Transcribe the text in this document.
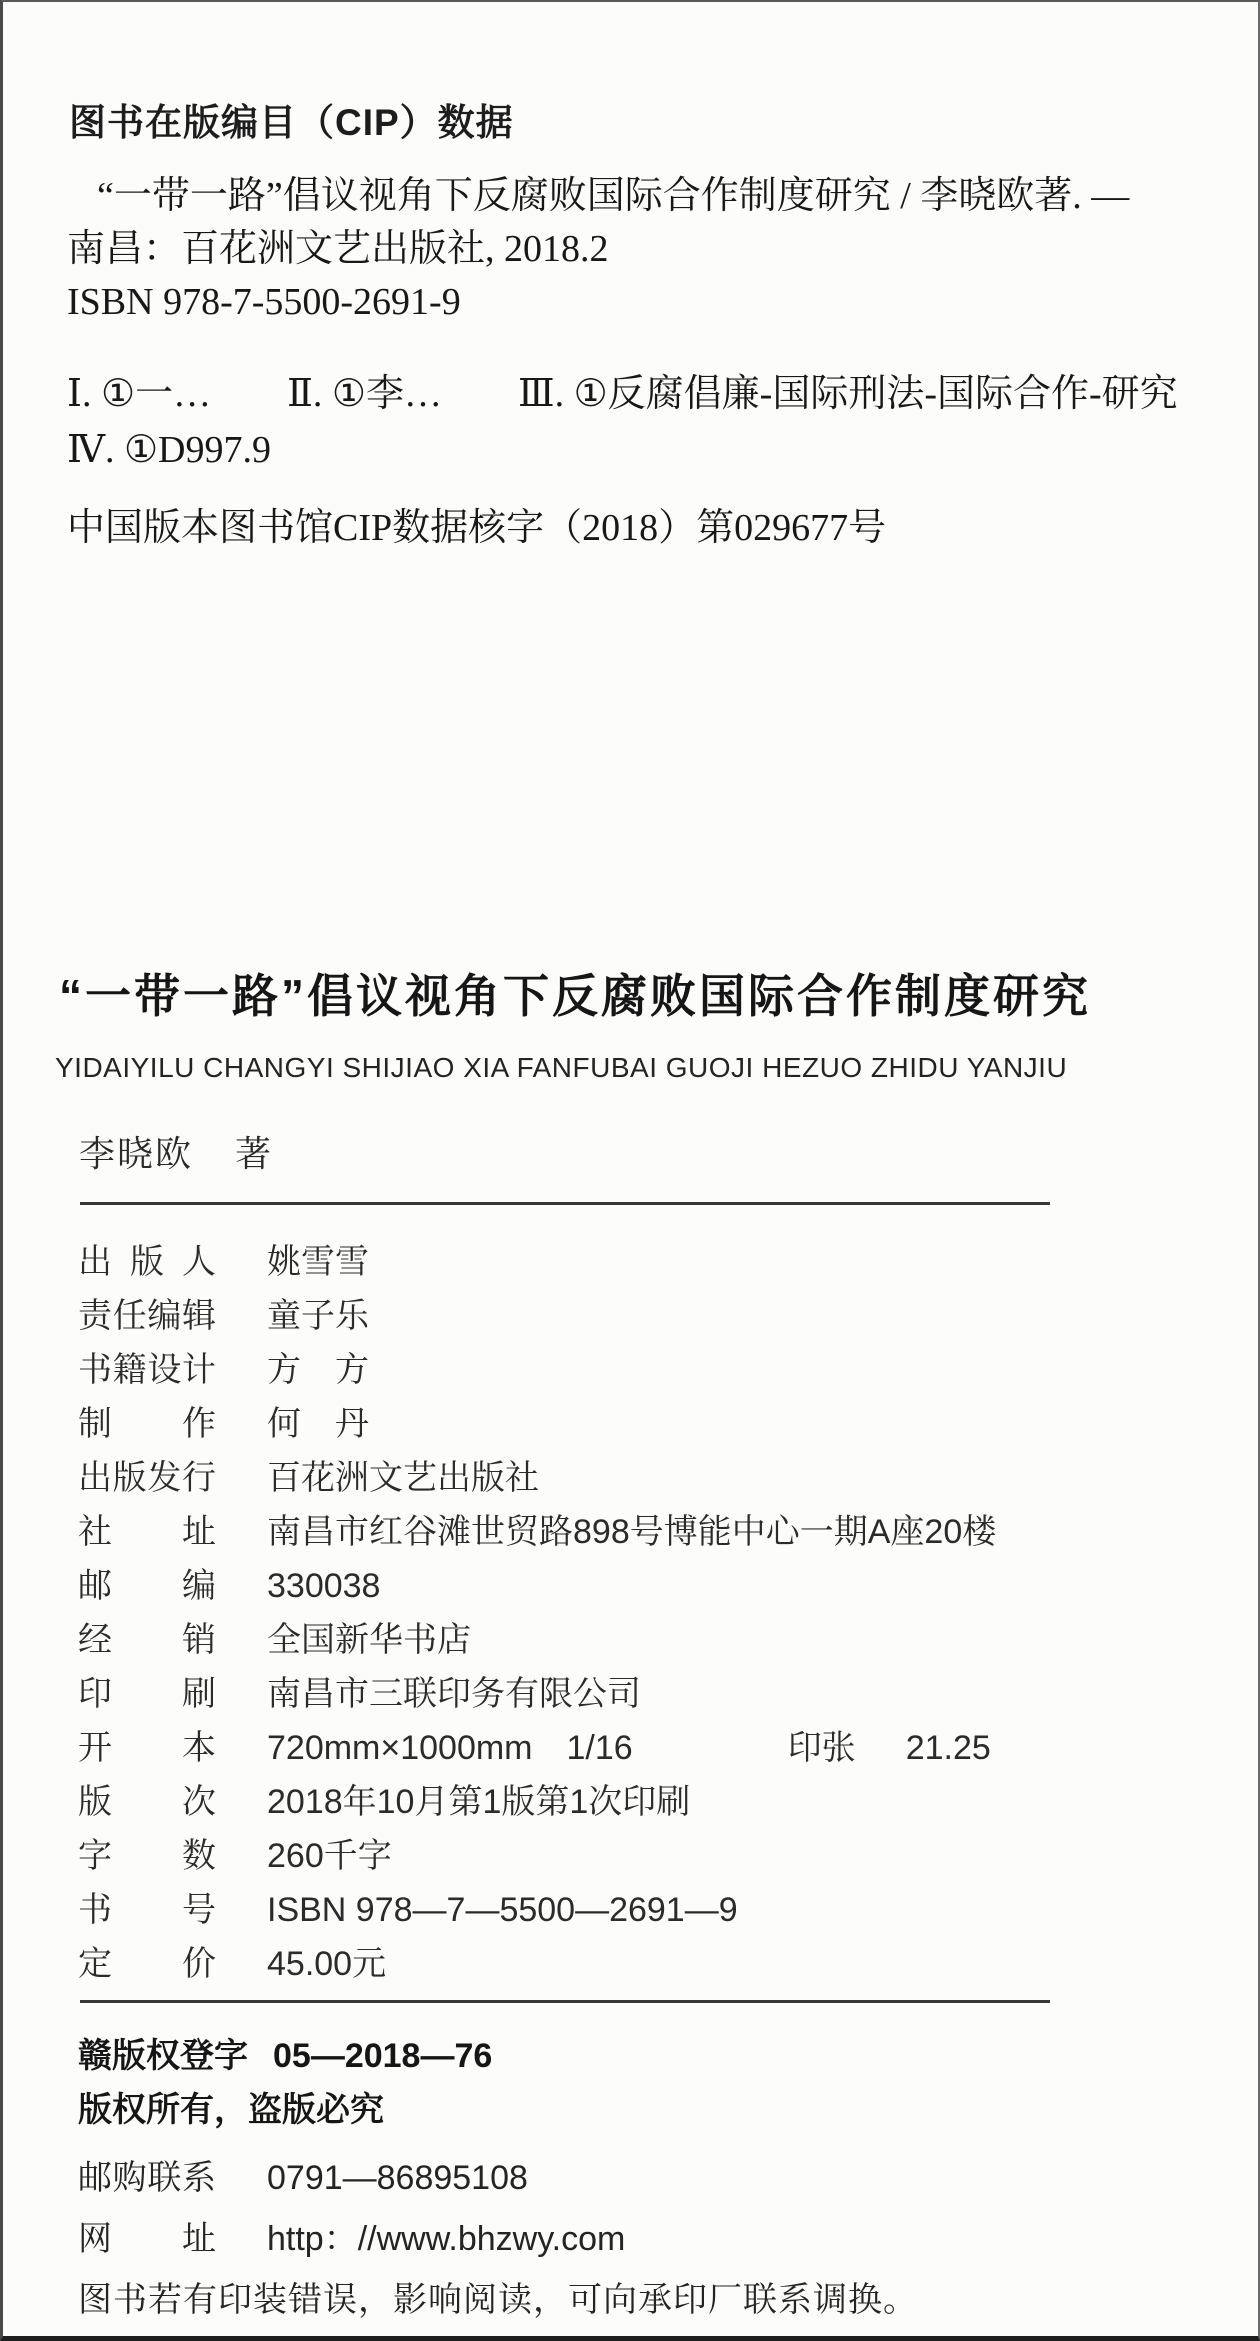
图书在版编目（CIP）数据
“一带一路”倡议视角下反腐败国际合作制度研究 / 李晓欧著. —
南昌：百花洲文艺出版社, 2018.2
ISBN 978-7-5500-2691-9
Ⅰ. ①一…　　Ⅱ. ①李…　　Ⅲ. ①反腐倡廉-国际刑法-国际合作-研究
Ⅳ. ①D997.9
中国版本图书馆CIP数据核字（2018）第029677号
“一带一路”倡议视角下反腐败国际合作制度研究
YIDAIYILU CHANGYI SHIJIAO XIA FANFUBAI GUOJI HEZUO ZHIDU YANJIU
李晓欧 著
出 版 人 姚雪雪
责 任 编 辑 童子乐
书 籍 设 计 方　方
制 作 何　丹
出 版 发 行 百花洲文艺出版社
社 址 南昌市红谷滩世贸路898号博能中心一期A座20楼
邮 编 330038
经 销 全国新华书店
印 刷 南昌市三联印务有限公司
开 本 720mm×1000mm　1/16	印张 21.25
版 次 2018年10月第1版第1次印刷
字 数 260千字
书 号 ISBN 978—7—5500—2691—9
定 价 45.00元
赣版权登字 05—2018—76
版权所有，盗版必究
邮 购 联 系 0791—86895108
网 址 http：//www.bhzwy.com
图书若有印装错误，影响阅读，可向承印厂联系调换。
